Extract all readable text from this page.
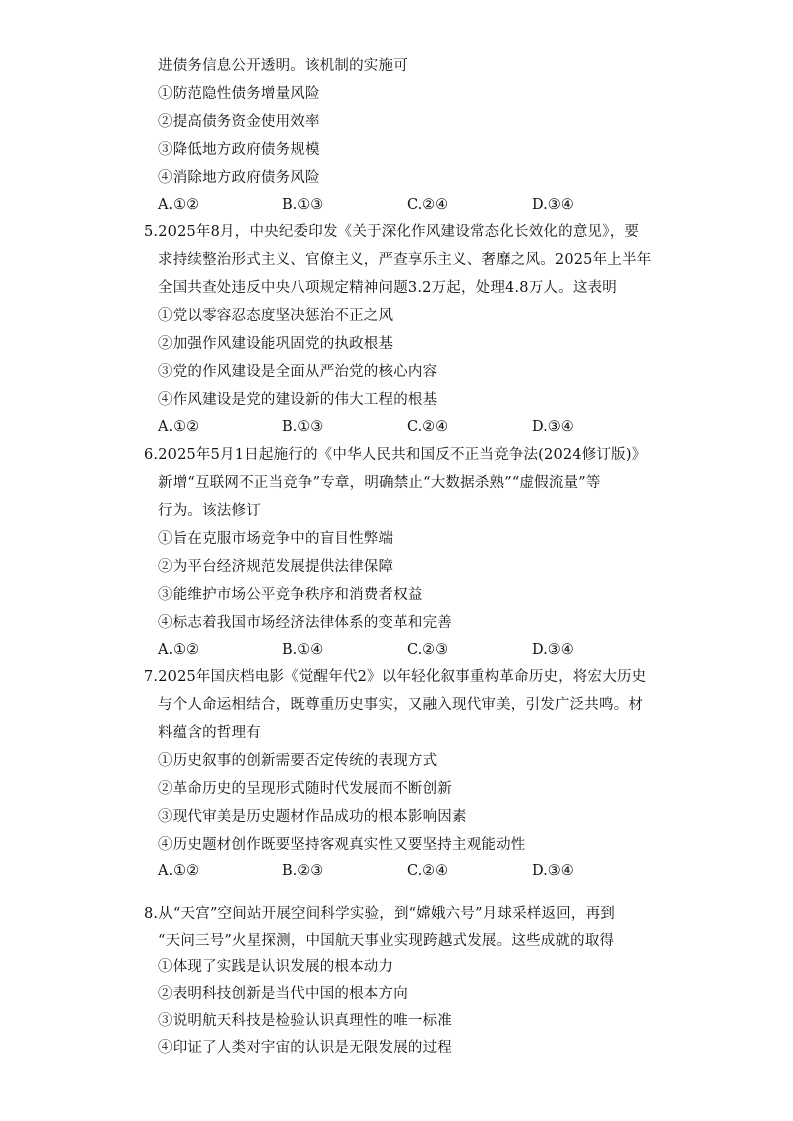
进债务信息公开透明。该机制的实施可
①防范隐性债务增量风险
②提高债务资金使用效率
③降低地方政府债务规模
④消除地方政府债务风险
A.①②	B.①③	C.②④	D.③④
5.2025年8月，中央纪委印发《关于深化作风建设常态化长效化的意见》，要
求持续整治形式主义、官僚主义，严查享乐主义、奢靡之风。2025年上半年
全国共查处违反中央八项规定精神问题3.2万起，处理4.8万人。这表明
①党以零容忍态度坚决惩治不正之风
②加强作风建设能巩固党的执政根基
③党的作风建设是全面从严治党的核心内容
④作风建设是党的建设新的伟大工程的根基
A.①②	B.①③	C.②④	D.③④
6.2025年5月1日起施行的《中华人民共和国反不正当竞争法(2024修订版)》
新增“互联网不正当竞争”专章，明确禁止“大数据杀熟”“虚假流量”等
行为。该法修订
①旨在克服市场竞争中的盲目性弊端
②为平台经济规范发展提供法律保障
③能维护市场公平竞争秩序和消费者权益
④标志着我国市场经济法律体系的变革和完善
A.①②	B.①④	C.②③	D.③④
7.2025年国庆档电影《觉醒年代2》以年轻化叙事重构革命历史，将宏大历史
与个人命运相结合，既尊重历史事实，又融入现代审美，引发广泛共鸣。材
料蕴含的哲理有
①历史叙事的创新需要否定传统的表现方式
②革命历史的呈现形式随时代发展而不断创新
③现代审美是历史题材作品成功的根本影响因素
④历史题材创作既要坚持客观真实性又要坚持主观能动性
A.①②	B.②③	C.②④	D.③④
8.从“天宫”空间站开展空间科学实验，到“嫦娥六号”月球采样返回，再到
“天问三号”火星探测，中国航天事业实现跨越式发展。这些成就的取得
①体现了实践是认识发展的根本动力
②表明科技创新是当代中国的根本方向
③说明航天科技是检验认识真理性的唯一标准
④印证了人类对宇宙的认识是无限发展的过程
